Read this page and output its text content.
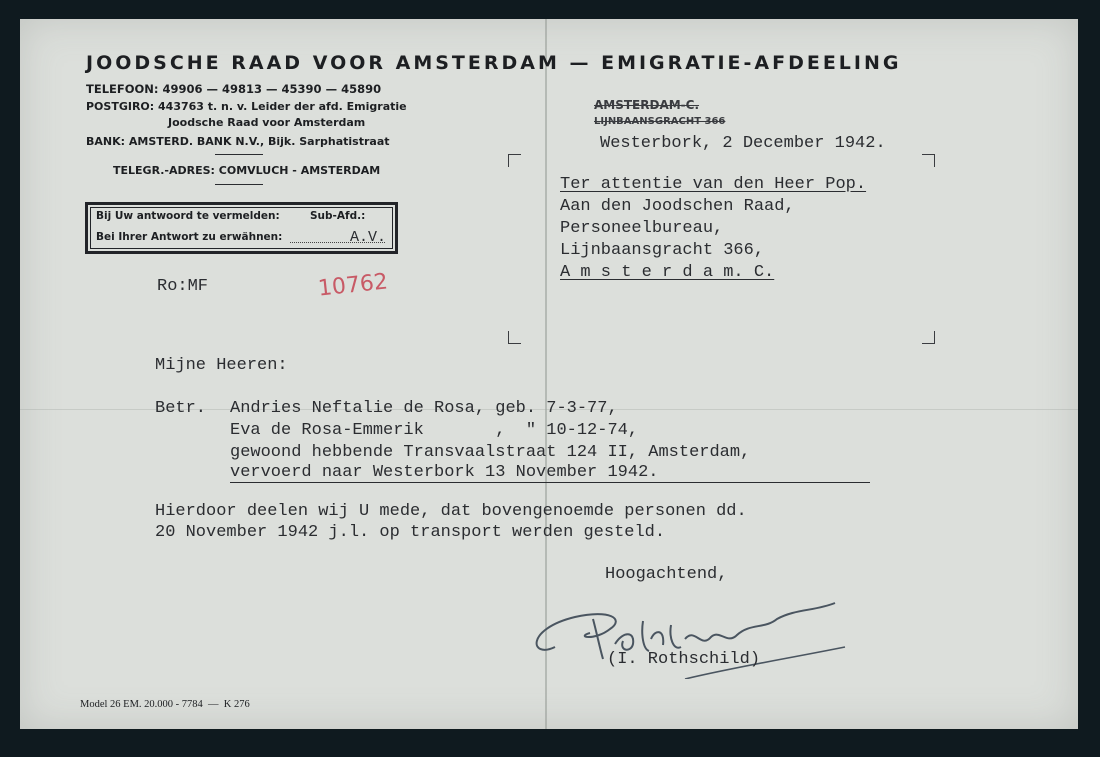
JOODSCHE RAAD VOOR AMSTERDAM — EMIGRATIE-AFDEELING
TELEFOON: 49906 — 49813 — 45390 — 45890
POSTGIRO: 443763 t. n. v. Leider der afd. Emigratie
Joodsche Raad voor Amsterdam
BANK: AMSTERD. BANK N.V., Bijk. Sarphatistraat
TELEGR.-ADRES: COMVLUCH - AMSTERDAM
Bij Uw antwoord te vermelden:	Sub-Afd.:
Bei Ihrer Antwort zu erwähnen:	A.V.
AMSTERDAM-C.
LIJNBAANSGRACHT 366
Westerbork, 2 December 1942.
Ter attentie van den Heer Pop.
Aan den Joodschen Raad,
Personeelbureau,
Lijnbaansgracht 366,
A m s t e r d a m. C.
Ro:MF	10762
Mijne Heeren:
Betr. Andries Neftalie de Rosa, geb. 7-3-77,
Eva de Rosa-Emmerik       ,  " 10-12-74,
gewoond hebbende Transvaalstraat 124 II, Amsterdam,
vervoerd naar Westerbork 13 November 1942.
Hierdoor deelen wij U mede, dat bovengenoemde personen dd.
20 November 1942 j.l. op transport werden gesteld.
Hoogachtend,
(I. Rothschild)
Model 26 EM. 20.000 - 7784  —  K 276
